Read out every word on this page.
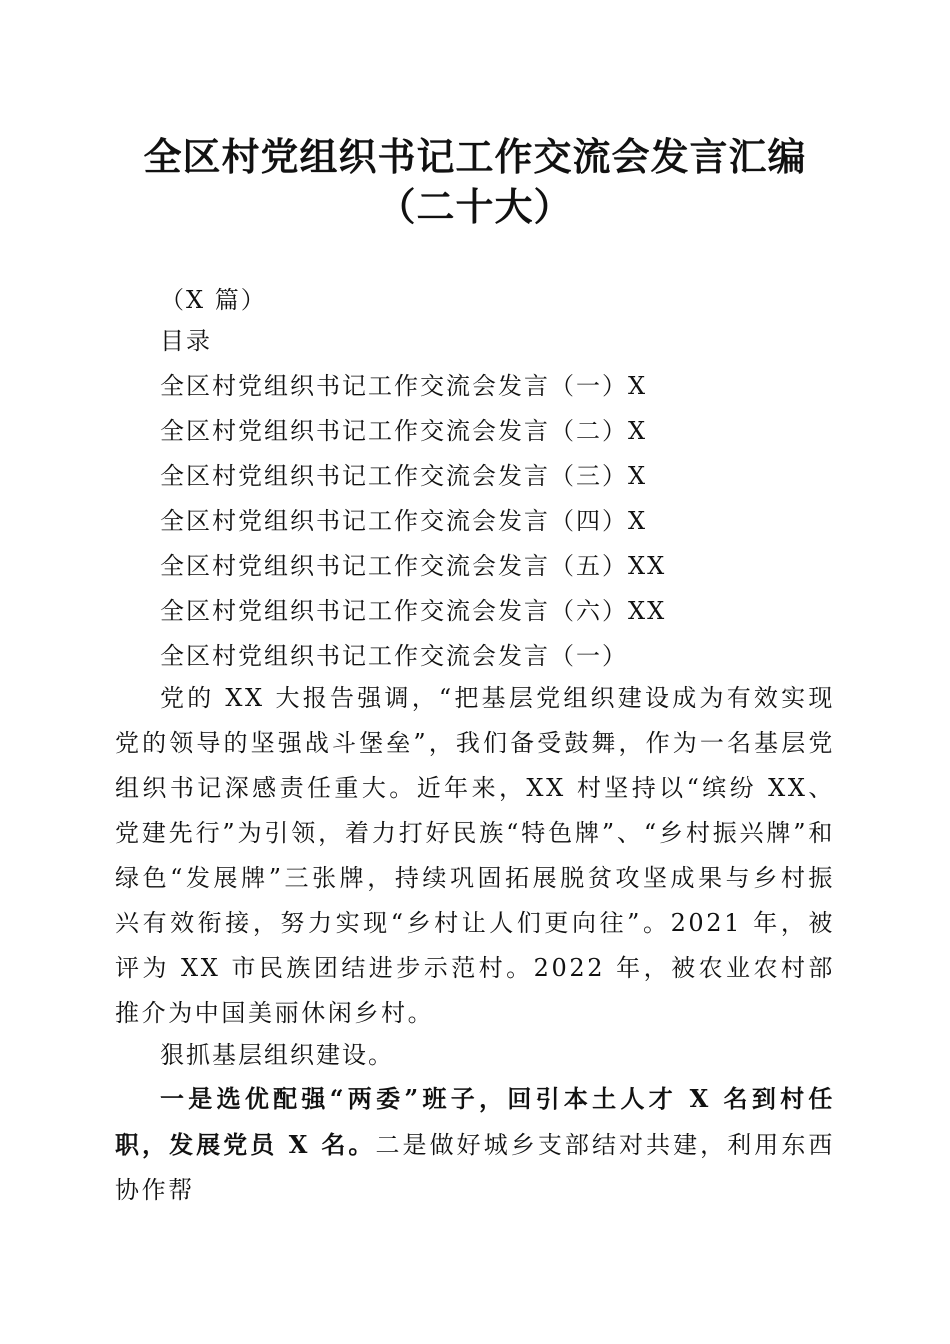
全区村党组织书记工作交流会发言汇编（二十大）
（X 篇）
目录
全区村党组织书记工作交流会发言（一）X
全区村党组织书记工作交流会发言（二）X
全区村党组织书记工作交流会发言（三）X
全区村党组织书记工作交流会发言（四）X
全区村党组织书记工作交流会发言（五）XX
全区村党组织书记工作交流会发言（六）XX
全区村党组织书记工作交流会发言（一）

党的 XX 大报告强调，“把基层党组织建设成为有效实现党的领导的坚强战斗堡垒”，我们备受鼓舞，作为一名基层党组织书记深感责任重大。近年来，XX 村坚持以“缤纷 XX、党建先行”为引领，着力打好民族“特色牌”、“乡村振兴牌”和绿色“发展牌”三张牌，持续巩固拓展脱贫攻坚成果与乡村振兴有效衔接，努力实现“乡村让人们更向往”。2021 年，被评为 XX 市民族团结进步示范村。2022 年，被农业农村部推介为中国美丽休闲乡村。

狠抓基层组织建设。

一是选优配强“两委”班子，回引本土人才 X 名到村任职，发展党员 X 名。二是做好城乡支部结对共建，利用东西协作帮
